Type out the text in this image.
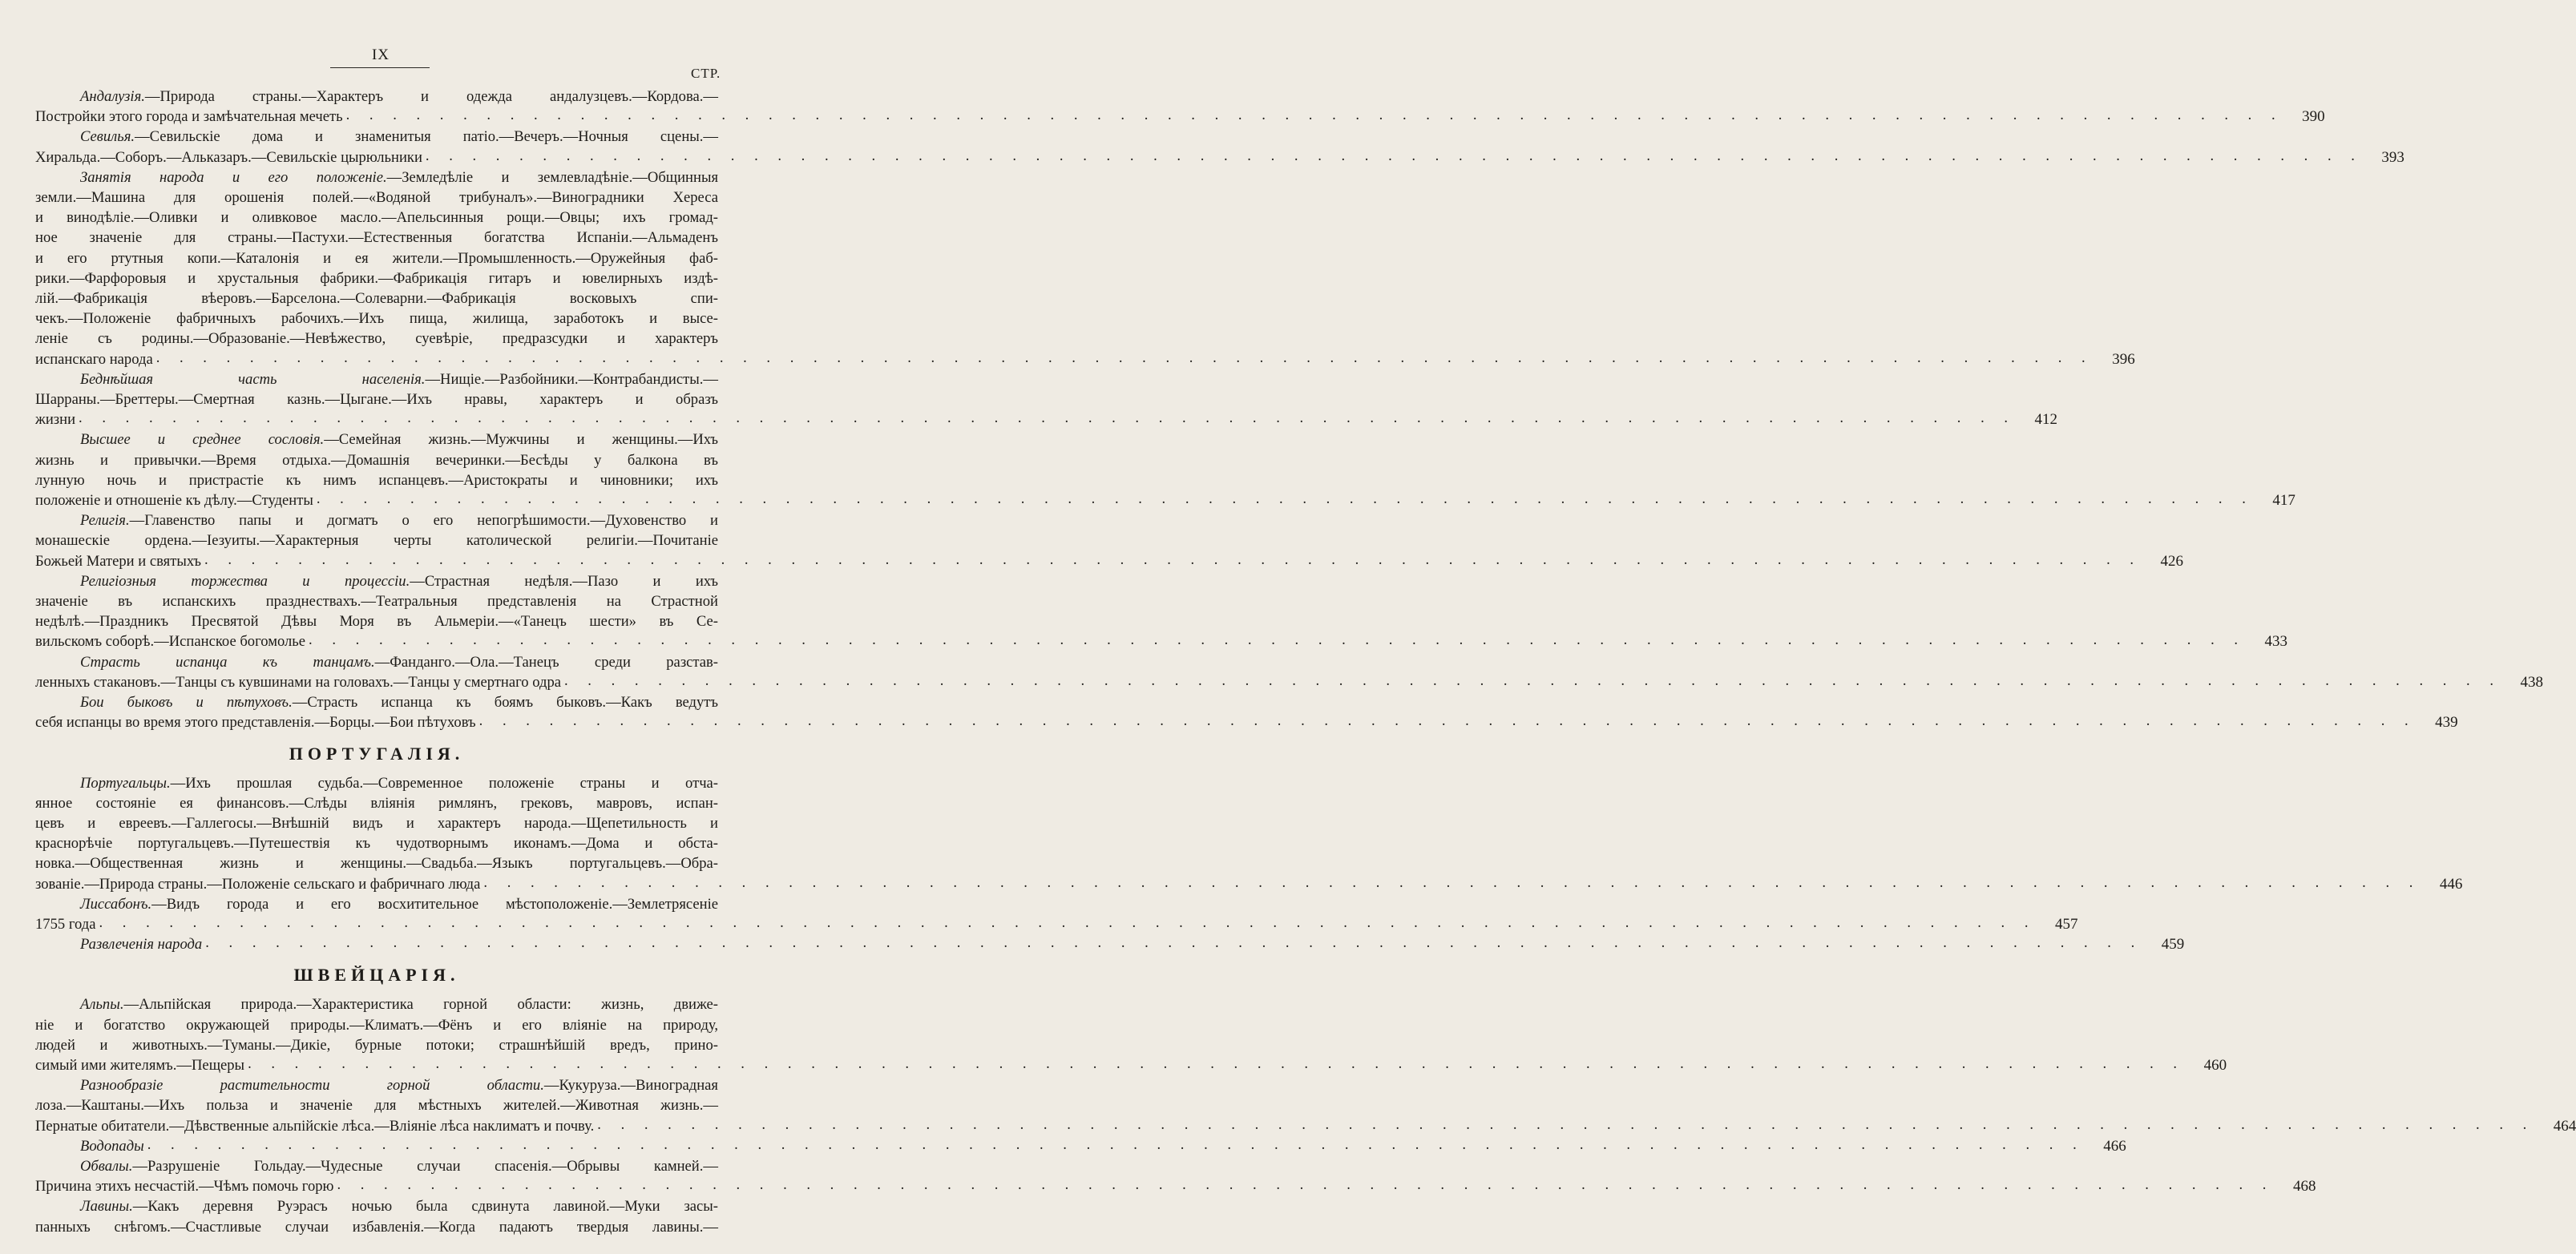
IX
СТР.
Андалузія.—Природа страны.—Характеръ и одежда андалузцевъ.—Кордова.—
Постройки этого города и замѣчательная мечеть . . .	390
Севилья.—Севильскіе дома и знаменитыя патіо.—Вечеръ.—Ночныя сцены.—
Хиральда.—Соборъ.—Альказаръ.—Севильскіе цырюльники . . .	393
Занятія народа и его положеніе.—Земледѣліе и землевладѣніе.—Общинныя
земли.—Машина для орошенія полей.—«Водяной трибуналъ».—Виноградники Хереса
и винодѣліе.—Оливки и оливковое масло.—Апельсинныя рощи.—Овцы; ихъ громад-
ное значеніе для страны.—Пастухи.—Естественныя богатства Испаніи.—Альмаденъ
и его ртутныя копи.—Каталонія и ея жители.—Промышленность.—Оружейныя фаб-
рики.—Фарфоровыя и хрустальныя фабрики.—Фабрикація гитаръ и ювелирныхъ издѣ-
лій.—Фабрикація вѣеровъ.—Барселона.—Солеварни.—Фабрикація восковыхъ спи-
чекъ.—Положеніе фабричныхъ рабочихъ.—Ихъ пища, жилища, заработокъ и высе-
леніе съ родины.—Образованіе.—Невѣжество, суевѣріе, предразсудки и характеръ
испанскаго народа . . .	396
Беднѣйшая часть населенія.—Нищіе.—Разбойники.—Контрабандисты.—
Шарраны.—Бреттеры.—Смертная казнь.—Цыгане.—Ихъ нравы, характеръ и образъ
жизни . . .	412
Высшее и среднее сословія.—Семейная жизнь.—Мужчины и женщины.—Ихъ
жизнь и привычки.—Время отдыха.—Домашнія вечеринки.—Бесѣды у балкона въ
лунную ночь и пристрастіе къ нимъ испанцевъ.—Аристократы и чиновники; ихъ
положеніе и отношеніе къ дѣлу.—Студенты . . .	417
Религія.—Главенство папы и догматъ о его непогрѣшимости.—Духовенство и
монашескіе ордена.—Іезуиты.—Характерныя черты католической религіи.—Почитаніе
Божьей Матери и святыхъ . . .	426
Религіозныя торжества и процессіи.—Страстная недѣля.—Пазо и ихъ
значеніе въ испанскихъ празднествахъ.—Театральныя представленія на Страстной
недѣлѣ.—Праздникъ Пресвятой Дѣвы Моря въ Альмеріи.—«Танецъ шести» въ Се-
вильскомъ соборѣ.—Испанское богомолье . . .	433
Страсть испанца къ танцамъ.—Фанданго.—Ола.—Танецъ среди разстав-
ленныхъ стакановъ.—Танцы съ кувшинами на головахъ.—Танцы у смертнаго одра . . .	438
Бои быковъ и пѣтуховъ.—Страсть испанца къ боямъ быковъ.—Какъ ведутъ
себя испанцы во время этого представленія.—Борцы.—Бои пѣтуховъ . . .	439
ПОРТУГАЛІЯ.
Португальцы.—Ихъ прошлая судьба.—Современное положеніе страны и отча-
янное состояніе ея финансовъ.—Слѣды вліянія римлянъ, грековъ, мавровъ, испан-
цевъ и евреевъ.—Галлегосы.—Внѣшній видъ и характеръ народа.—Щепетильность и
краснорѣчіе португальцевъ.—Путешествія къ чудотворнымъ иконамъ.—Дома и обста-
новка.—Общественная жизнь и женщины.—Свадьба.—Языкъ португальцевъ.—Обра-
зованіе.—Природа страны.—Положеніе сельскаго и фабричнаго люда . . .	446
Лиссабонъ.—Видъ города и его восхитительное мѣстоположеніе.—Землетрясеніе
1755 года . . .	457
Развлеченія народа . . .	459
ШВЕЙЦАРІЯ.
Альпы.—Альпійская природа.—Характеристика горной области: жизнь, движе-
ніе и богатство окружающей природы.—Климатъ.—Фёнъ и его вліяніе на природу,
людей и животныхъ.—Туманы.—Дикіе, бурные потоки; страшнѣйшій вредъ, прино-
симый ими жителямъ.—Пещеры . . .	460
Разнообразіе растительности горной области.—Кукуруза.—Виноградная
лоза.—Каштаны.—Ихъ польза и значеніе для мѣстныхъ жителей.—Животная жизнь.—
Пернатые обитатели.—Дѣвственные альпійскіе лѣса.—Вліяніе лѣса наклиматъ и почву. . . .	464
Водопады . . .	466
Обвалы.—Разрушеніе Гольдау.—Чудесные случаи спасенія.—Обрывы камней.—
Причина этихъ несчастій.—Чѣмъ помочь горю . . .	468
Лавины.—Какъ деревня Руэрасъ ночью была сдвинута лавиной.—Муки засы-
панныхъ снѣгомъ.—Счастливые случаи избавленія.—Когда падаютъ твердыя лавины.—
